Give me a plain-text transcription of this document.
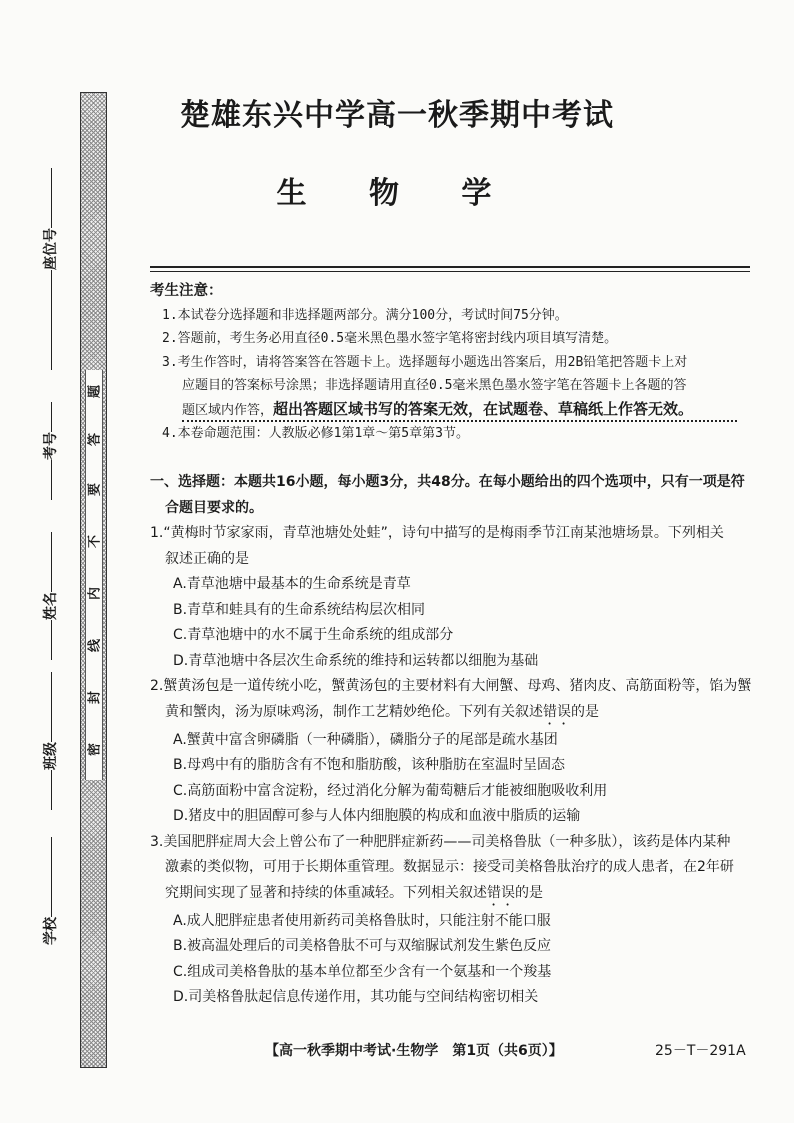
题
答
要
不
内
线
封
密
座位号
考号
姓名
班级
学校
楚雄东兴中学高一秋季期中考试
生 物 学
考生注意：
1.本试卷分选择题和非选择题两部分。满分100分，考试时间75分钟。
2.答题前，考生务必用直径0.5毫米黑色墨水签字笔将密封线内项目填写清楚。
3.考生作答时，请将答案答在答题卡上。选择题每小题选出答案后，用2B铅笔把答题卡上对
应题目的答案标号涂黑；非选择题请用直径0.5毫米黑色墨水签字笔在答题卡上各题的答
题区域内作答，超出答题区域书写的答案无效，在试题卷、草稿纸上作答无效。
4.本卷命题范围：人教版必修1第1章～第5章第3节。
一、选择题：本题共16小题，每小题3分，共48分。在每小题给出的四个选项中，只有一项是符
合题目要求的。
1.“黄梅时节家家雨，青草池塘处处蛙”，诗句中描写的是梅雨季节江南某池塘场景。下列相关
叙述正确的是
A.青草池塘中最基本的生命系统是青草
B.青草和蛙具有的生命系统结构层次相同
C.青草池塘中的水不属于生命系统的组成部分
D.青草池塘中各层次生命系统的维持和运转都以细胞为基础
2.蟹黄汤包是一道传统小吃，蟹黄汤包的主要材料有大闸蟹、母鸡、猪肉皮、高筋面粉等，馅为蟹
黄和蟹肉，汤为原味鸡汤，制作工艺精妙绝伦。下列有关叙述错误的是
A.蟹黄中富含卵磷脂（一种磷脂），磷脂分子的尾部是疏水基团
B.母鸡中有的脂肪含有不饱和脂肪酸，该种脂肪在室温时呈固态
C.高筋面粉中富含淀粉，经过消化分解为葡萄糖后才能被细胞吸收利用
D.猪皮中的胆固醇可参与人体内细胞膜的构成和血液中脂质的运输
3.美国肥胖症周大会上曾公布了一种肥胖症新药——司美格鲁肽（一种多肽），该药是体内某种
激素的类似物，可用于长期体重管理。数据显示：接受司美格鲁肽治疗的成人患者，在2年研
究期间实现了显著和持续的体重减轻。下列相关叙述错误的是
A.成人肥胖症患者使用新药司美格鲁肽时，只能注射不能口服
B.被高温处理后的司美格鲁肽不可与双缩脲试剂发生紫色反应
C.组成司美格鲁肽的基本单位都至少含有一个氨基和一个羧基
D.司美格鲁肽起信息传递作用，其功能与空间结构密切相关
【高一秋季期中考试·生物学　第1页（共6页）】	25－T－291A
